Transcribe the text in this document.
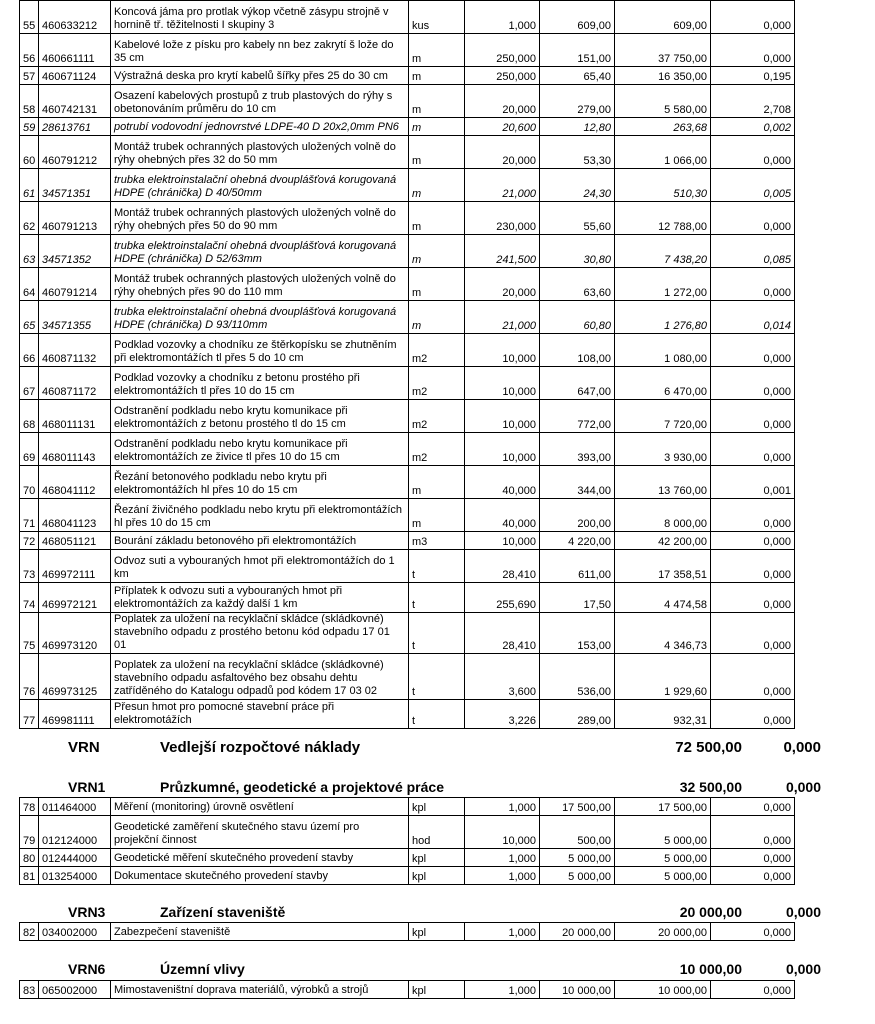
55	460633212	Koncová jáma pro protlak výkop včetně zásypu strojně v horninĕ tř. těžitelnosti I skupiny 3	kus	1,000	609,00	609,00	0,000
56	460661111	Kabelové lože z písku pro kabely nn bez zakrytí š lože do 35 cm	m	250,000	151,00	37 750,00	0,000
57	460671124	Výstražná deska pro krytí kabelů šířky přes 25 do 30 cm	m	250,000	65,40	16 350,00	0,195
58	460742131	Osazení kabelových prostupů z trub plastových do rýhy s obetonováním průměru do 10 cm	m	20,000	279,00	5 580,00	2,708
59	28613761	potrubí vodovodní jednovrstvé LDPE-40 D 20x2,0mm PN6	m	20,600	12,80	263,68	0,002
60	460791212	Montáž trubek ochranných plastových uložených volně do rýhy ohebných přes 32 do 50 mm	m	20,000	53,30	1 066,00	0,000
61	34571351	trubka elektroinstalační ohebná dvouplášťová korugovaná HDPE (chránička) D 40/50mm	m	21,000	24,30	510,30	0,005
62	460791213	Montáž trubek ochranných plastových uložených volně do rýhy ohebných přes 50 do 90 mm	m	230,000	55,60	12 788,00	0,000
63	34571352	trubka elektroinstalační ohebná dvouplášťová korugovaná HDPE (chránička) D 52/63mm	m	241,500	30,80	7 438,20	0,085
64	460791214	Montáž trubek ochranných plastových uložených volně do rýhy ohebných přes 90 do 110 mm	m	20,000	63,60	1 272,00	0,000
65	34571355	trubka elektroinstalační ohebná dvouplášťová korugovaná HDPE (chránička) D 93/110mm	m	21,000	60,80	1 276,80	0,014
66	460871132	Podklad vozovky a chodníku ze štěrkopísku se zhutněním při elektromontážích tl přes 5 do 10 cm	m2	10,000	108,00	1 080,00	0,000
67	460871172	Podklad vozovky a chodníku z betonu prostého při elektromontážích tl přes 10 do 15 cm	m2	10,000	647,00	6 470,00	0,000
68	468011131	Odstranění podkladu nebo krytu komunikace při elektromontážích z betonu prostého tl do 15 cm	m2	10,000	772,00	7 720,00	0,000
69	468011143	Odstranění podkladu nebo krytu komunikace při elektromontážích ze živice tl přes 10 do 15 cm	m2	10,000	393,00	3 930,00	0,000
70	468041112	Řezání betonového podkladu nebo krytu při elektromontážích hl přes 10 do 15 cm	m	40,000	344,00	13 760,00	0,001
71	468041123	Řezání živičného podkladu nebo krytu při elektromontážích hl přes 10 do 15 cm	m	40,000	200,00	8 000,00	0,000
72	468051121	Bourání základu betonového při elektromontážích	m3	10,000	4 220,00	42 200,00	0,000
73	469972111	Odvoz suti a vybouraných hmot při elektromontážích do 1 km	t	28,410	611,00	17 358,51	0,000
74	469972121	Příplatek k odvozu suti a vybouraných hmot při elektromontážích za každý další 1 km	t	255,690	17,50	4 474,58	0,000
75	469973120	Poplatek za uložení na recyklační skládce (skládkovné) stavebního odpadu z prostého betonu kód odpadu 17 01 01	t	28,410	153,00	4 346,73	0,000
76	469973125	Poplatek za uložení na recyklační skládce (skládkovné) stavebního odpadu asfaltového bez obsahu dehtu zatříděného do Katalogu odpadů pod kódem 17 03 02	t	3,600	536,00	1 929,60	0,000
77	469981111	Přesun hmot pro pomocné stavební práce při elektromotážích	t	3,226	289,00	932,31	0,000
VRN	Vedlejší rozpočtové náklady	72 500,00	0,000
VRN1	Průzkumné, geodetické a projektové práce	32 500,00	0,000
78	011464000	Měření (monitoring) úrovně osvětlení	kpl	1,000	17 500,00	17 500,00	0,000
79	012124000	Geodetické zaměření skutečného stavu území pro projekční činnost	hod	10,000	500,00	5 000,00	0,000
80	012444000	Geodetické měření skutečného provedení stavby	kpl	1,000	5 000,00	5 000,00	0,000
81	013254000	Dokumentace skutečného provedení stavby	kpl	1,000	5 000,00	5 000,00	0,000
VRN3	Zařízení staveniště	20 000,00	0,000
82	034002000	Zabezpečení staveniště	kpl	1,000	20 000,00	20 000,00	0,000
VRN6	Územní vlivy	10 000,00	0,000
83	065002000	Mimostaveništní doprava materiálů, výrobků a strojů	kpl	1,000	10 000,00	10 000,00	0,000
